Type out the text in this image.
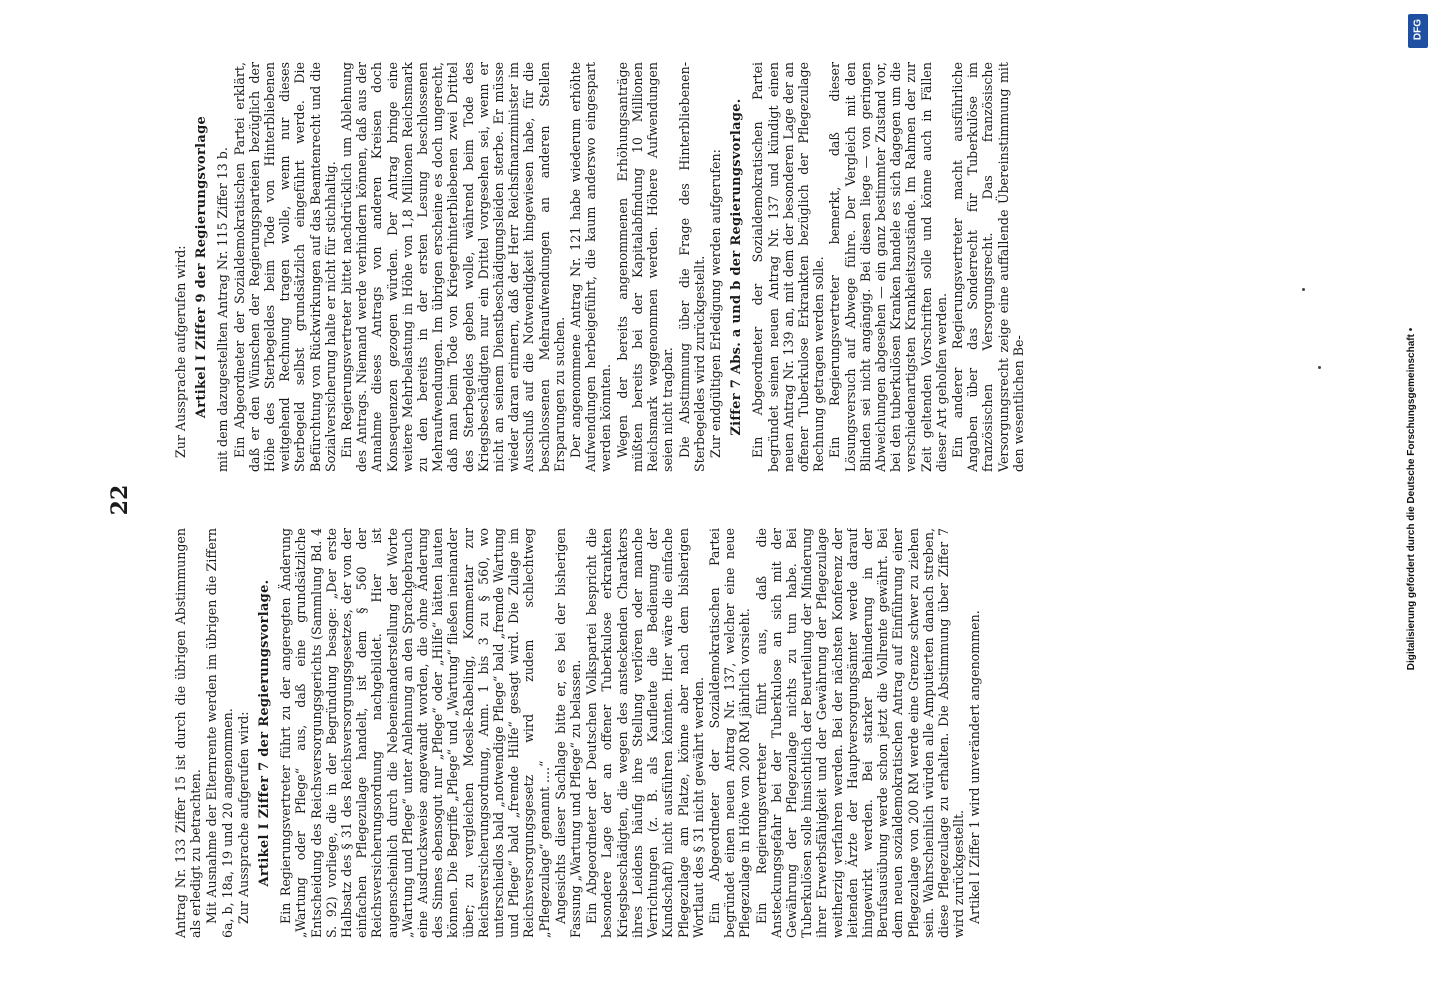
22

Antrag Nr. 133 Ziffer 15 ist durch die übrigen Abstimmungen als erledigt zu betrachten. Mit Ausnahme der Elternrente werden im übrigen die Ziffern 6a, b, 18a, 19 und 20 angenommen. Zur Aussprache aufgerufen wird: Artikel I Ziffer 7 der Regierungsvorlage. Ein Regierungsvertreter führt zu der angeregten Änderung „Wartung oder Pflege“ aus, daß eine grundsätzliche Entscheidung des Reichsversorgungsgerichts (Sammlung Bd. 4 S. 92) vorliege, die in der Begründung besage: „Der erste Halbsatz des § 31 des Reichsversorgungsgesetzes, der von der einfachen Pflegezulage handelt, ist dem § 560 der Reichsversicherungsordnung nachgebildet. Hier ist augenscheinlich durch die Nebeneinanderstellung der Worte „Wartung und Pflege“ unter Anlehnung an den Sprachgebrauch eine Ausdrucksweise angewandt worden, die ohne Änderung des Sinnes ebensogut nur „Pflege“ oder „Hilfe“ hätten lauten können. Die Begriffe „Pflege“ und „Wartung“ fließen ineinander über; zu vergleichen Moesle-Rabeling, Kommentar zur Reichsversicherungsordnung, Anm. 1 bis 3 zu § 560, wo unterschiedlos bald „notwendige Pflege“ bald „fremde Wartung und Pflege“ bald „fremde Hilfe“ gesagt wird. Die Zulage im Reichsversorgungsgesetz wird zudem schlechtweg „Pflegezulage“ genannt ....“ Angesichts dieser Sachlage bitte er, es bei der bisherigen Fassung „Wartung und Pflege“ zu belassen. Ein Abgeordneter der Deutschen Volkspartei bespricht die besondere Lage der an offener Tuberkulose erkrankten Kriegsbeschädigten, die wegen des ansteckenden Charakters ihres Leidens häufig ihre Stellung verlören oder manche Verrichtungen (z. B. als Kaufleute die Bedienung der Kundschaft) nicht ausführen könnten. Hier wäre die einfache Pflegezulage am Platze, könne aber nach dem bisherigen Wortlaut des § 31 nicht gewährt werden. Ein Abgeordneter der Sozialdemokratischen Partei begründet einen neuen Antrag Nr. 137, welcher eine neue Pflegezulage in Höhe von 200 RM jährlich vorsieht. Ein Regierungsvertreter führt aus, daß die Ansteckungsgefahr bei der Tuberkulose an sich mit der Gewährung der Pflegezulage nichts zu tun habe. Bei Tuberkulösen solle hinsichtlich der Beurteilung der Minderung ihrer Erwerbsfähigkeit und der Gewährung der Pflegezulage weitherzig verfahren werden. Bei der nächsten Konferenz der leitenden Ärzte der Hauptversorgungsämter werde darauf hingewirkt werden. Bei starker Behinderung in der Berufsausübung werde schon jetzt die Vollrente gewährt. Bei dem neuen sozialdemokratischen Antrag auf Einführung einer Pflegezulage von 200 RM werde eine Grenze schwer zu ziehen sein. Wahrscheinlich würden alle Amputierten danach streben, diese Pflegezulage zu erhalten. Die Abstimmung über Ziffer 7 wird zurückgestellt. Artikel I Ziffer 1 wird unverändert angenommen.

Zur Aussprache aufgerufen wird: Artikel I Ziffer 9 der Regierungsvorlage mit dem dazugestellten Antrag Nr. 115 Ziffer 13 b. Ein Abgeordneter der Sozialdemokratischen Partei erklärt, daß er den Wünschen der Regierungsparteien bezüglich der Höhe des Sterbegeldes beim Tode von Hinterbliebenen weitgehend Rechnung tragen wolle, wenn nur dieses Sterbegeld selbst grundsätzlich eingeführt werde. Die Befürchtung von Rückwirkungen auf das Beamtenrecht und die Sozialversicherung halte er nicht für stichhaltig. Ein Regierungsvertreter bittet nachdrücklich um Ablehnung des Antrags. Niemand werde verhindern können, daß aus der Annahme dieses Antrags von anderen Kreisen doch Konsequenzen gezogen würden. Der Antrag bringe eine weitere Mehrbelastung in Höhe von 1,8 Millionen Reichsmark zu den bereits in der ersten Lesung beschlossenen Mehraufwendungen. Im übrigen erscheine es doch ungerecht, daß man beim Tode von Kriegerhinterbliebenen zwei Drittel des Sterbegeldes geben wolle, während beim Tode des Kriegsbeschädigten nur ein Drittel vorgesehen sei, wenn er nicht an seinem Dienstbeschädigungsleiden sterbe. Er müsse wieder daran erinnern, daß der Herr Reichsfinanzminister im Ausschuß auf die Notwendigkeit hingewiesen habe, für die beschlossenen Mehraufwendungen an anderen Stellen Ersparungen zu suchen. Der angenommene Antrag Nr. 121 habe wiederum erhöhte Aufwendungen herbeigeführt, die kaum anderswo eingespart werden könnten. Wegen der bereits angenommenen Erhöhungsanträge müßten bereits bei der Kapitalabfindung 10 Millionen Reichsmark weggenommen werden. Höhere Aufwendungen seien nicht tragbar. Die Abstimmung über die Frage des Hinterbliebenen-Sterbegeldes wird zurückgestellt. Zur endgültigen Erledigung werden aufgerufen: Ziffer 7 Abs. a und b der Regierungsvorlage. Ein Abgeordneter der Sozialdemokratischen Partei begründet seinen neuen Antrag Nr. 137 und kündigt einen neuen Antrag Nr. 139 an, mit dem der besonderen Lage der an offener Tuberkulose Erkrankten bezüglich der Pflegezulage Rechnung getragen werden solle. Ein Regierungsvertreter bemerkt, daß dieser Lösungsversuch auf Abwege führe. Der Vergleich mit den Blinden sei nicht angängig. Bei diesen liege — von geringen Abweichungen abgesehen — ein ganz bestimmter Zustand vor, bei den tuberkulösen Kranken handele es sich dagegen um die verschiedenartigsten Krankheitszustände. Im Rahmen der zur Zeit geltenden Vorschriften solle und könne auch in Fällen dieser Art geholfen werden. Ein anderer Regierungsvertreter macht ausführliche Angaben über das Sonderrecht für Tuberkulöse im französischen Versorgungsrecht. Das französische Versorgungsrecht zeige eine auffallende Übereinstimmung mit den wesentlichen Be-

DFG
Digitalisierung gefördert durch die Deutsche Forschungsgemeinschaft •
